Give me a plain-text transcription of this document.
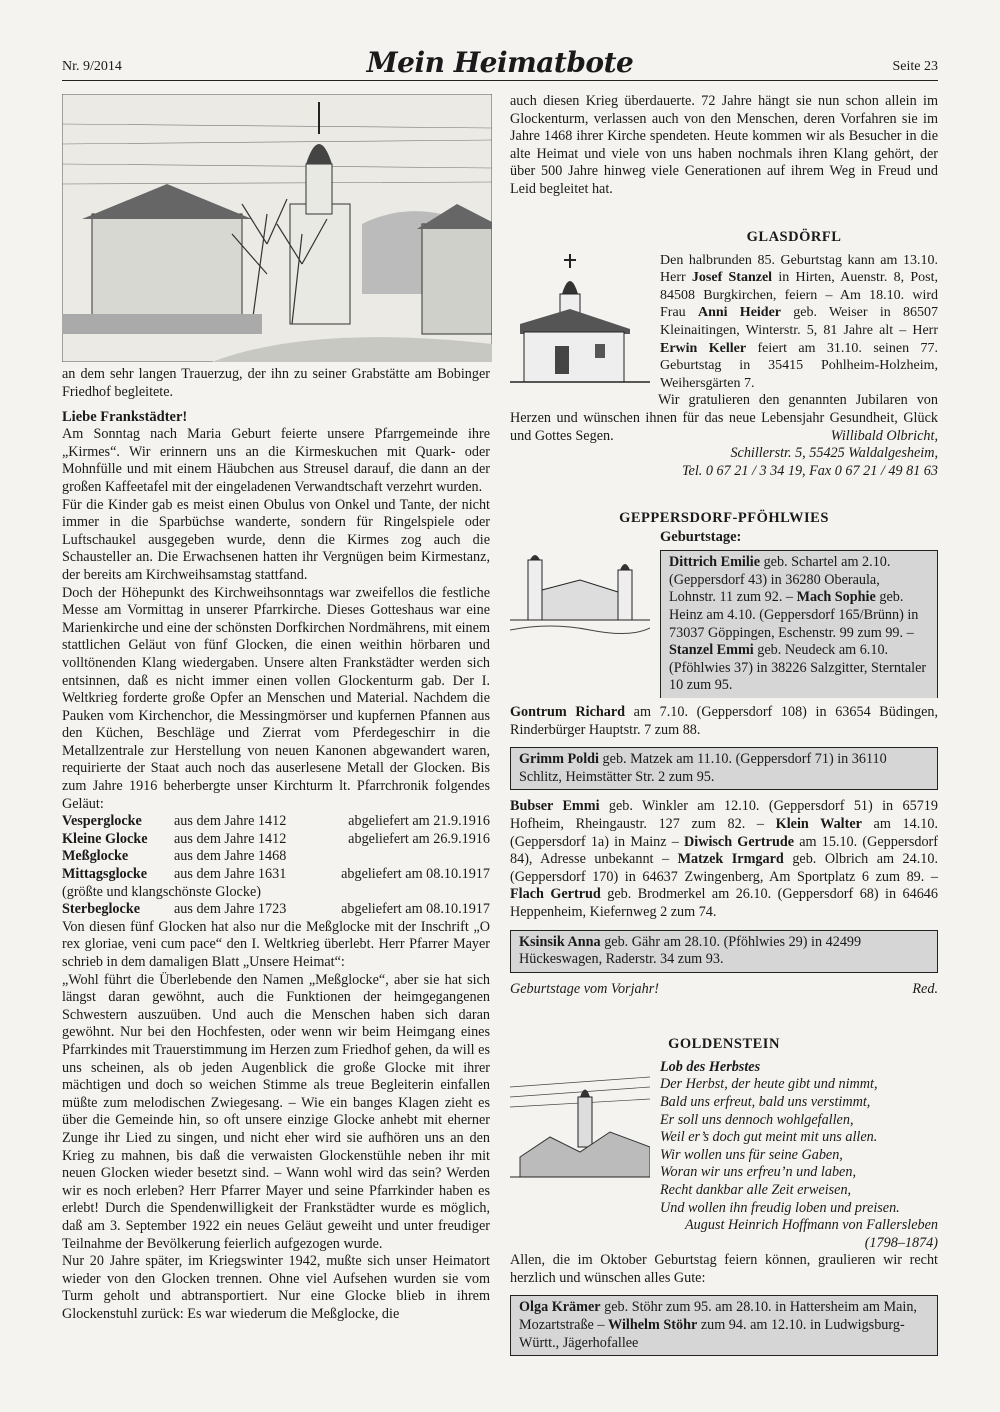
Nr. 9/2014	Mein Heimatbote	Seite 23

an dem sehr langen Trauerzug, der ihn zu seiner Grabstätte am Bobinger Friedhof begleitete.

Liebe Frankstädter!

Am Sonntag nach Maria Geburt feierte unsere Pfarrgemeinde ihre „Kirmes“. Wir erinnern uns an die Kirmeskuchen mit Quark- oder Mohnfülle und mit einem Häubchen aus Streusel darauf, die dann an der großen Kaffeetafel mit der eingeladenen Verwandtschaft verzehrt wurden.

Für die Kinder gab es meist einen Obulus von Onkel und Tante, der nicht immer in die Sparbüchse wanderte, sondern für Ringelspiele oder Luftschaukel ausgegeben wurde, denn die Kirmes zog auch die Schausteller an. Die Erwachsenen hatten ihr Vergnügen beim Kirmestanz, der bereits am Kirchweihsamstag stattfand.

Doch der Höhepunkt des Kirchweihsonntags war zweifellos die festliche Messe am Vormittag in unserer Pfarrkirche. Dieses Gotteshaus war eine Marienkirche und eine der schönsten Dorfkirchen Nordmährens, mit einem stattlichen Geläut von fünf Glocken, die einen weithin hörbaren und volltönenden Klang wiedergaben. Unsere alten Frankstädter werden sich entsinnen, daß es nicht immer einen vollen Glockenturm gab. Der I. Weltkrieg forderte große Opfer an Menschen und Material. Nachdem die Pauken vom Kirchenchor, die Messingmörser und kupfernen Pfannen aus den Küchen, Beschläge und Zierrat vom Pferdegeschirr in die Metallzentrale zur Herstellung von neuen Kanonen abgewandert waren, requirierte der Staat auch noch das auserlesene Metall der Glocken. Bis zum Jahre 1916 beherbergte unser Kirchturm lt. Pfarrchronik folgendes Geläut:

Vesperglocke	aus dem Jahre 1412	abgeliefert am 21.9.1916
Kleine Glocke	aus dem Jahre 1412	abgeliefert am 26.9.1916
Meßglocke	aus dem Jahre 1468	
Mittagsglocke	aus dem Jahre 1631	abgeliefert am 08.10.1917
(größte und klangschönste Glocke)		
Sterbeglocke	aus dem Jahre 1723	abgeliefert am 08.10.1917

Von diesen fünf Glocken hat also nur die Meßglocke mit der Inschrift „O rex gloriae, veni cum pace“ den I. Weltkrieg überlebt. Herr Pfarrer Mayer schrieb in dem damaligen Blatt „Unsere Heimat“:

„Wohl führt die Überlebende den Namen „Meßglocke“, aber sie hat sich längst daran gewöhnt, auch die Funktionen der heimgegangenen Schwestern auszuüben. Und auch die Menschen haben sich daran gewöhnt. Nur bei den Hochfesten, oder wenn wir beim Heimgang eines Pfarrkindes mit Trauerstimmung im Herzen zum Friedhof gehen, da will es uns scheinen, als ob jeden Augenblick die große Glocke mit ihrer mächtigen und doch so weichen Stimme als treue Begleiterin einfallen müßte zum melodischen Zwiegesang. – Wie ein banges Klagen zieht es über die Gemeinde hin, so oft unsere einzige Glocke anhebt mit eherner Zunge ihr Lied zu singen, und nicht eher wird sie aufhören uns an den Krieg zu mahnen, bis daß die verwaisten Glockenstühle neben ihr mit neuen Glocken wieder besetzt sind. – Wann wohl wird das sein? Werden wir es noch erleben? Herr Pfarrer Mayer und seine Pfarrkinder haben es erlebt! Durch die Spendenwilligkeit der Frankstädter wurde es möglich, daß am 3. September 1922 ein neues Geläut geweiht und unter freudiger Teilnahme der Bevölkerung feierlich aufgezogen wurde.

Nur 20 Jahre später, im Kriegswinter 1942, mußte sich unser Heimatort wieder von den Glocken trennen. Ohne viel Aufsehen wurden sie vom Turm geholt und abtransportiert. Nur eine Glocke blieb in ihrem Glockenstuhl zurück: Es war wiederum die Meßglocke, die

auch diesen Krieg überdauerte. 72 Jahre hängt sie nun schon allein im Glockenturm, verlassen auch von den Menschen, deren Vorfahren sie im Jahre 1468 ihrer Kirche spendeten. Heute kommen wir als Besucher in die alte Heimat und viele von uns haben nochmals ihren Klang gehört, der über 500 Jahre hinweg viele Generationen auf ihrem Weg in Freud und Leid begleitet hat.

GLASDÖRFL

Den halbrunden 85. Geburtstag kann am 13.10. Herr Josef Stanzel in Hirten, Auenstr. 8, Post, 84508 Burgkirchen, feiern – Am 18.10. wird Frau Anni Heider geb. Weiser in 86507 Kleinaitingen, Winterstr. 5, 81 Jahre alt – Herr Erwin Keller feiert am 31.10. seinen 77. Geburtstag in 35415 Pohlheim-Holzheim, Weihersgärten 7.

Wir gratulieren den genannten Jubilaren von Herzen und wünschen ihnen für das neue Lebensjahr Gesundheit, Glück und Gottes Segen.	Willibald Olbricht,
Schillerstr. 5, 55425 Waldalgesheim,
Tel. 0 67 21 / 3 34 19, Fax 0 67 21 / 49 81 63
GEPPERSDORF-PFÖHLWIES
Geburtstage:
Dittrich Emilie geb. Schartel am 2.10. (Geppersdorf 43) in 36280 Oberaula, Lohnstr. 11 zum 92. – Mach Sophie geb. Heinz am 4.10. (Geppersdorf 165/Brünn) in 73037 Göppingen, Eschenstr. 99 zum 99. – Stanzel Emmi geb. Neudeck am 6.10. (Pföhlwies 37) in 38226 Salzgitter, Sterntaler 10 zum 95.

Gontrum Richard am 7.10. (Geppersdorf 108) in 63654 Büdingen, Rinderbürger Hauptstr. 7 zum 88.

Grimm Poldi geb. Matzek am 11.10. (Geppersdorf 71) in 36110 Schlitz, Heimstätter Str. 2 zum 95.

Bubser Emmi geb. Winkler am 12.10. (Geppersdorf 51) in 65719 Hofheim, Rheingaustr. 127 zum 82. – Klein Walter am 14.10. (Geppersdorf 1a) in Mainz – Diwisch Gertrude am 15.10. (Geppersdorf 84), Adresse unbekannt – Matzek Irmgard geb. Olbrich am 24.10. (Geppersdorf 170) in 64637 Zwingenberg, Am Sportplatz 6 zum 89. – Flach Gertrud geb. Brodmerkel am 26.10. (Geppersdorf 68) in 64646 Heppenheim, Kiefernweg 2 zum 74.

Ksinsik Anna geb. Gähr am 28.10. (Pföhlwies 29) in 42499 Hückeswagen, Raderstr. 34 zum 93.
Geburtstage vom Vorjahr!	Red.
GOLDENSTEIN

Lob des Herbstes

Der Herbst, der heute gibt und nimmt,

Bald uns erfreut, bald uns verstimmt,

Er soll uns dennoch wohlgefallen,

Weil er’s doch gut meint mit uns allen.

Wir wollen uns für seine Gaben,

Woran wir uns erfreu’n und laben,

Recht dankbar alle Zeit erweisen,

Und wollen ihn freudig loben und preisen.

August Heinrich Hoffmann von Fallersleben
(1798–1874)

Allen, die im Oktober Geburtstag feiern können, graulieren wir recht herzlich und wünschen alles Gute:

Olga Krämer geb. Stöhr zum 95. am 28.10. in Hattersheim am Main, Mozartstraße – Wilhelm Stöhr zum 94. am 12.10. in Ludwigsburg-Württ., Jägerhofallee
